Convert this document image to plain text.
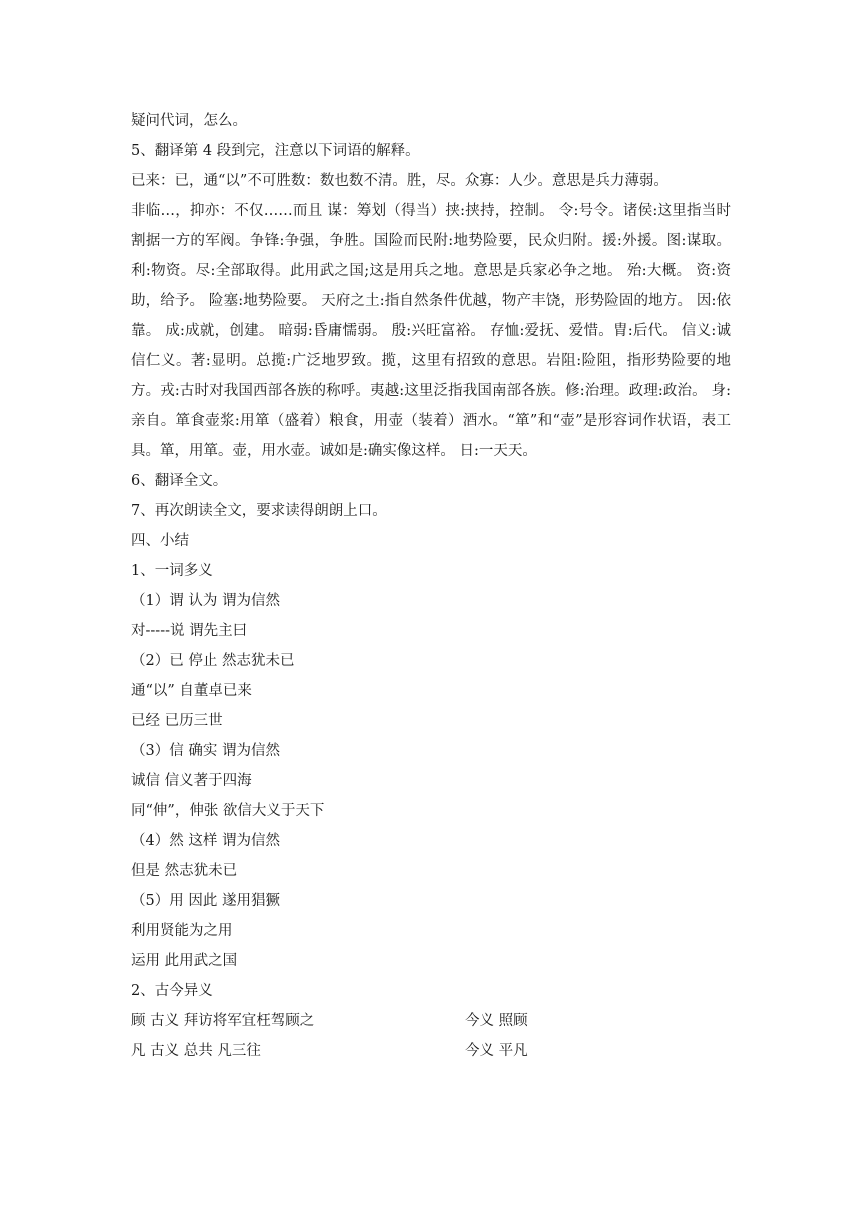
疑问代词，怎么。
5、翻译第 4 段到完，注意以下词语的解释。
已来：已，通“以”不可胜数：数也数不清。胜，尽。众寡：人少。意思是兵力薄弱。
非临…，抑亦：不仅……而且 谋：筹划（得当）挟:挟持，控制。 令:号令。诸侯:这里指当时割据一方的军阀。争锋:争强，争胜。国险而民附:地势险要，民众归附。援:外援。图:谋取。利:物资。尽:全部取得。此用武之国;这是用兵之地。意思是兵家必争之地。 殆:大概。 资:资助，给予。 险塞:地势险要。 天府之土:指自然条件优越，物产丰饶，形势险固的地方。 因:依靠。 成:成就，创建。 暗弱:昏庸懦弱。 殷:兴旺富裕。 存恤:爱抚、爱惜。胄:后代。 信义:诚信仁义。著:显明。总揽:广泛地罗致。揽，这里有招致的意思。岩阻:险阻，指形势险要的地方。戎:古时对我国西部各族的称呼。夷越:这里泛指我国南部各族。修:治理。政理:政治。 身:亲自。箪食壶浆:用箪（盛着）粮食，用壶（装着）酒水。“箪”和“壶”是形容词作状语，表工具。箪，用箪。壶，用水壶。诚如是:确实像这样。 日:一天天。
6、翻译全文。
7、再次朗读全文，要求读得朗朗上口。
四、小结
1、一词多义
（1）谓 认为 谓为信然
对-----说 谓先主曰
（2）已 停止 然志犹未已
通“以” 自董卓已来
已经 已历三世
（3）信 确实 谓为信然
诚信 信义著于四海
同“伸”，伸张 欲信大义于天下
（4）然 这样 谓为信然
但是 然志犹未已
（5）用 因此 遂用猖獗
利用贤能为之用
运用 此用武之国
2、古今异义
顾 古义 拜访将军宜枉驾顾之	今义 照顾
凡 古义 总共 凡三往	今义 平凡
